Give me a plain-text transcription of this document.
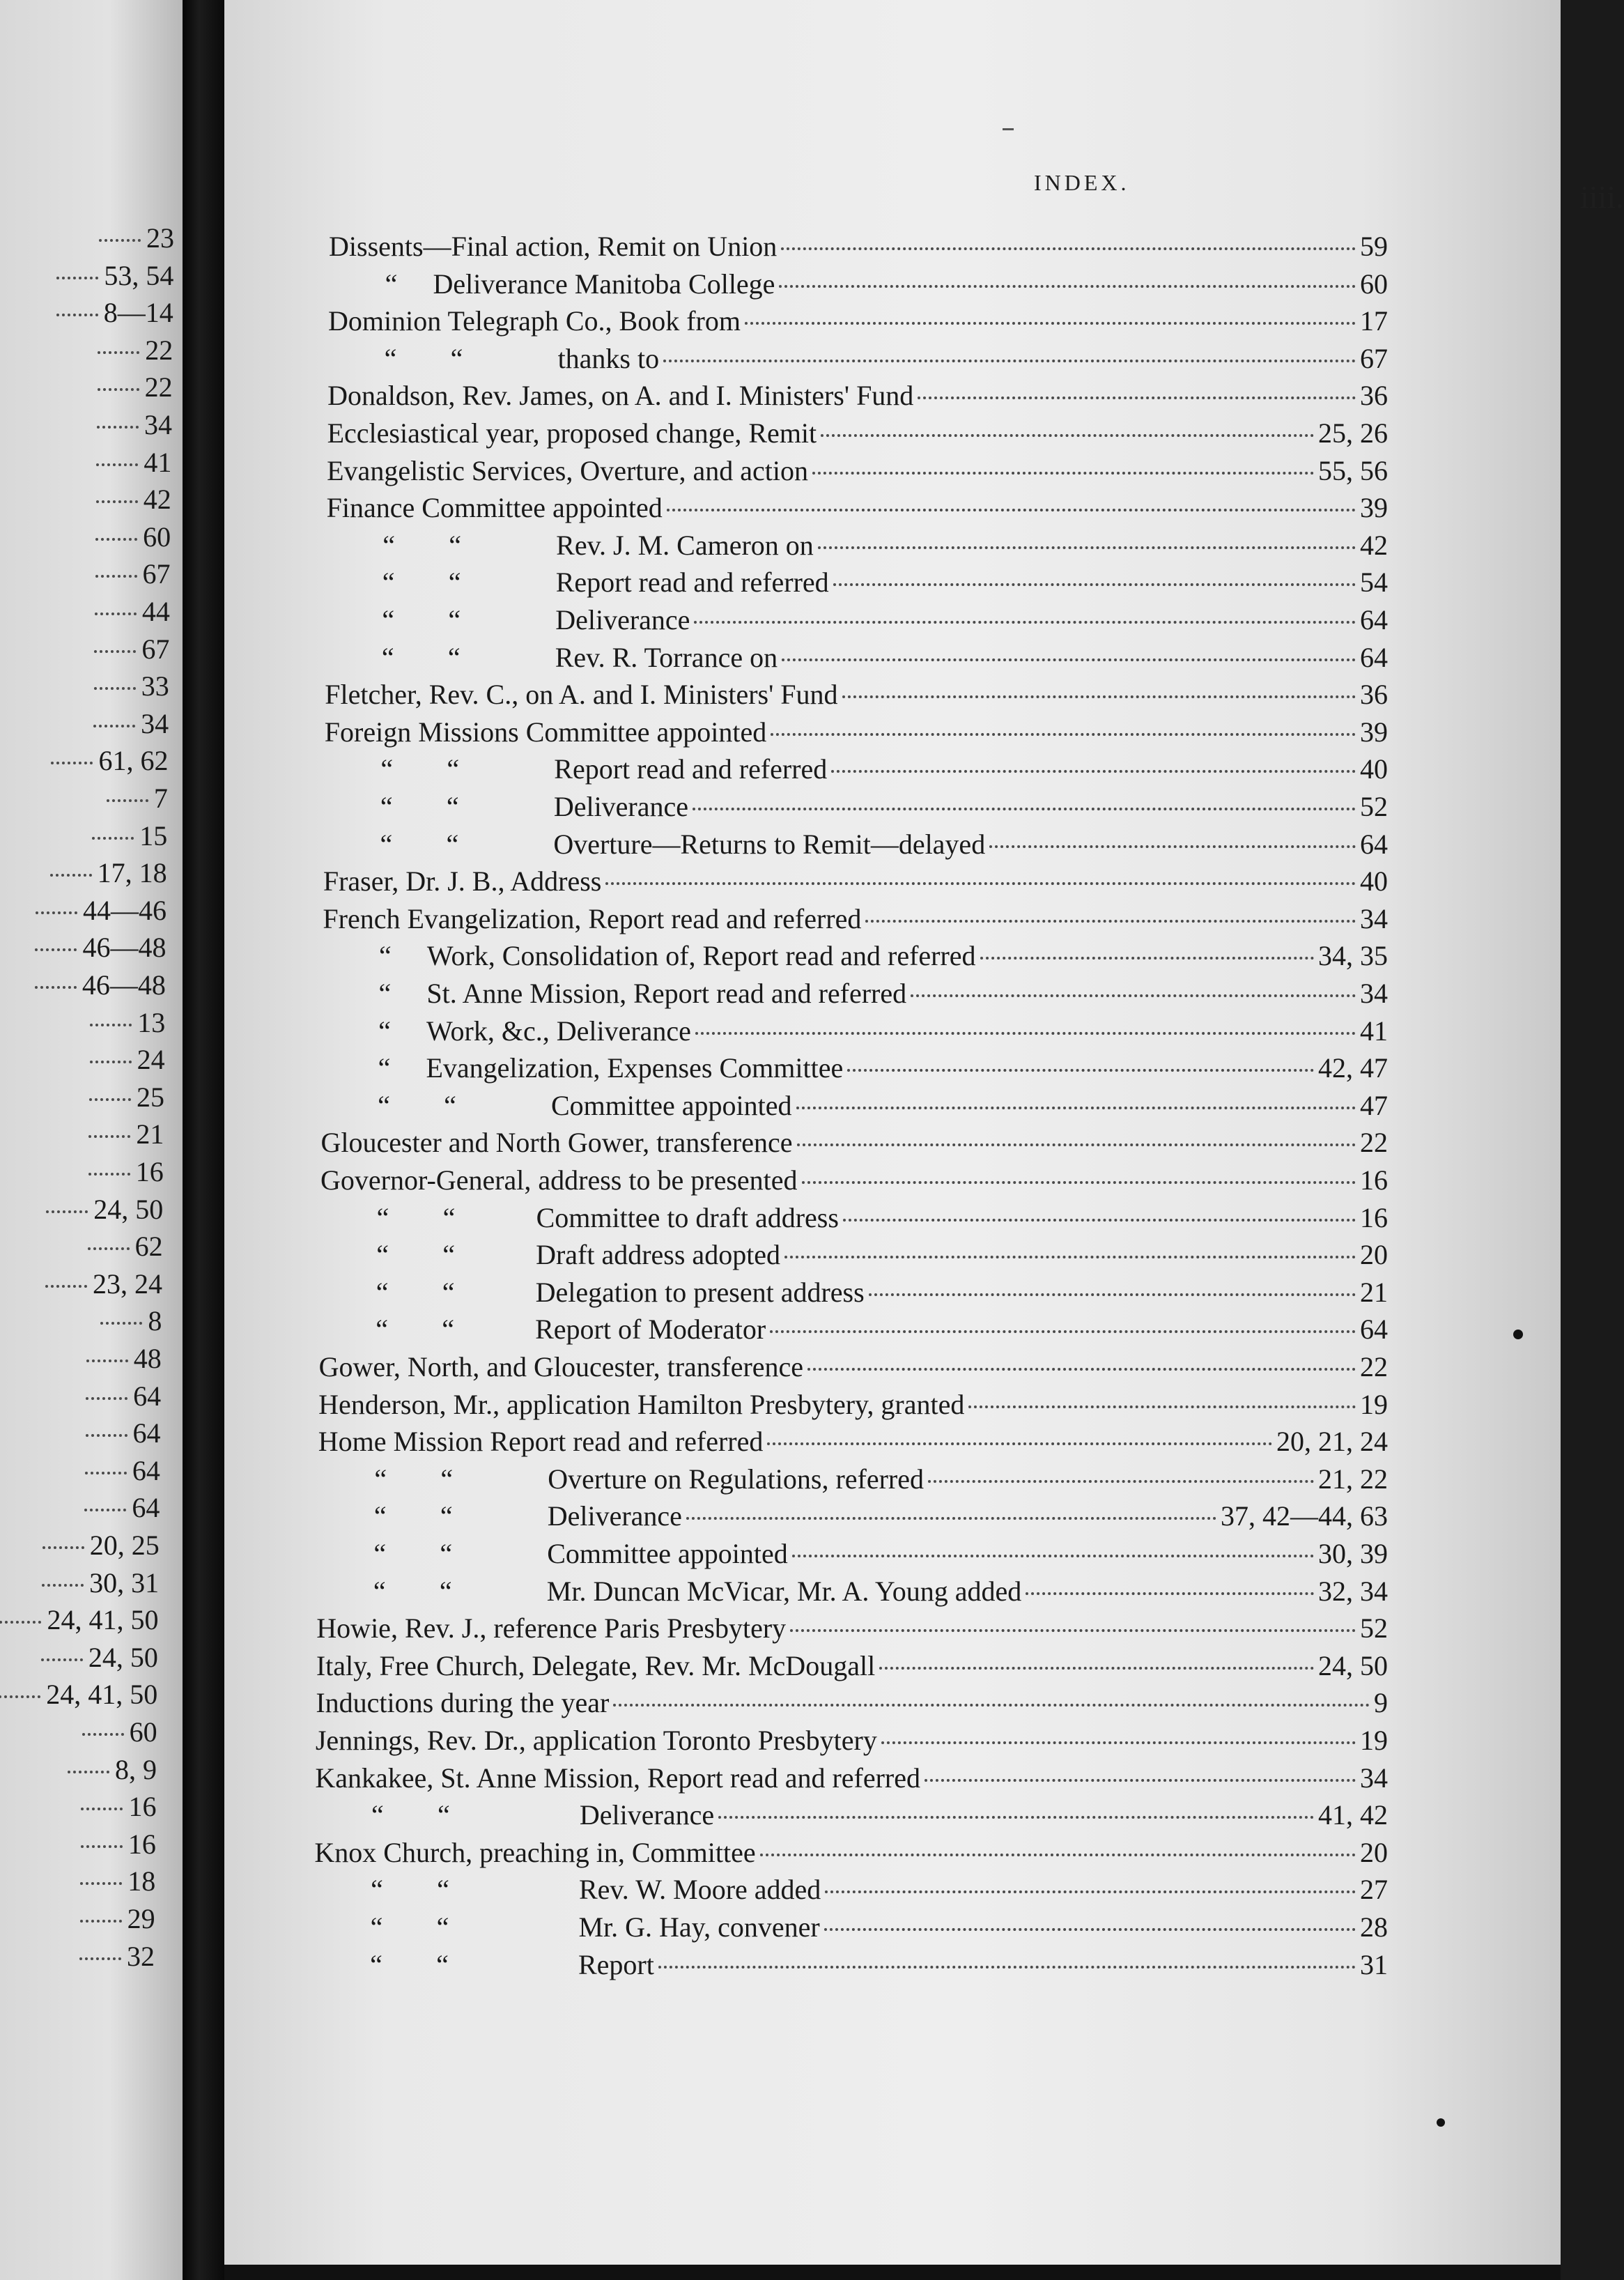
23
53, 54
8—14
22
22
34
41
42
60
67
44
67
33
34
61, 62
7
15
17, 18
44—46
46—48
46—48
13
24
25
21
16
24, 50
62
23, 24
8
48
64
64
64
64
20, 25
30, 31
24, 41, 50
24, 50
24, 41, 50
60
8, 9
16
16
18
29
32
INDEX.	iiii.
Dissents—Final action, Remit on Union	59
“	Deliverance Manitoba College	60
Dominion Telegraph Co., Book from	17
“	“	thanks to	67
Donaldson, Rev. James, on A. and I. Ministers' Fund	36
Ecclesiastical year, proposed change, Remit	25, 26
Evangelistic Services, Overture, and action	55, 56
Finance Committee appointed	39
“	“	Rev. J. M. Cameron on	42
“	“	Report read and referred	54
“	“	Deliverance	64
“	“	Rev. R. Torrance on	64
Fletcher, Rev. C., on A. and I. Ministers' Fund	36
Foreign Missions Committee appointed	39
“	“	Report read and referred	40
“	“	Deliverance	52
“	“	Overture—Returns to Remit—delayed	64
Fraser, Dr. J. B., Address	40
French Evangelization, Report read and referred	34
“	Work, Consolidation of, Report read and referred	34, 35
“	St. Anne Mission, Report read and referred	34
“	Work, &c., Deliverance	41
“	Evangelization, Expenses Committee	42, 47
“	“	Committee appointed	47
Gloucester and North Gower, transference	22
Governor-General, address to be presented	16
“	“	Committee to draft address	16
“	“	Draft address adopted	20
“	“	Delegation to present address	21
“	“	Report of Moderator	64
Gower, North, and Gloucester, transference	22
Henderson, Mr., application Hamilton Presbytery, granted	19
Home Mission Report read and referred	20, 21, 24
“	“	Overture on Regulations, referred	21, 22
“	“	Deliverance	37, 42—44, 63
“	“	Committee appointed	30, 39
“	“	Mr. Duncan McVicar, Mr. A. Young added	32, 34
Howie, Rev. J., reference Paris Presbytery	52
Italy, Free Church, Delegate, Rev. Mr. McDougall	24, 50
Inductions during the year	9
Jennings, Rev. Dr., application Toronto Presbytery	19
Kankakee, St. Anne Mission, Report read and referred	34
“	“	Deliverance	41, 42
Knox Church, preaching in, Committee	20
“	“	Rev. W. Moore added	27
“	“	Mr. G. Hay, convener	28
“	“	Report	31
